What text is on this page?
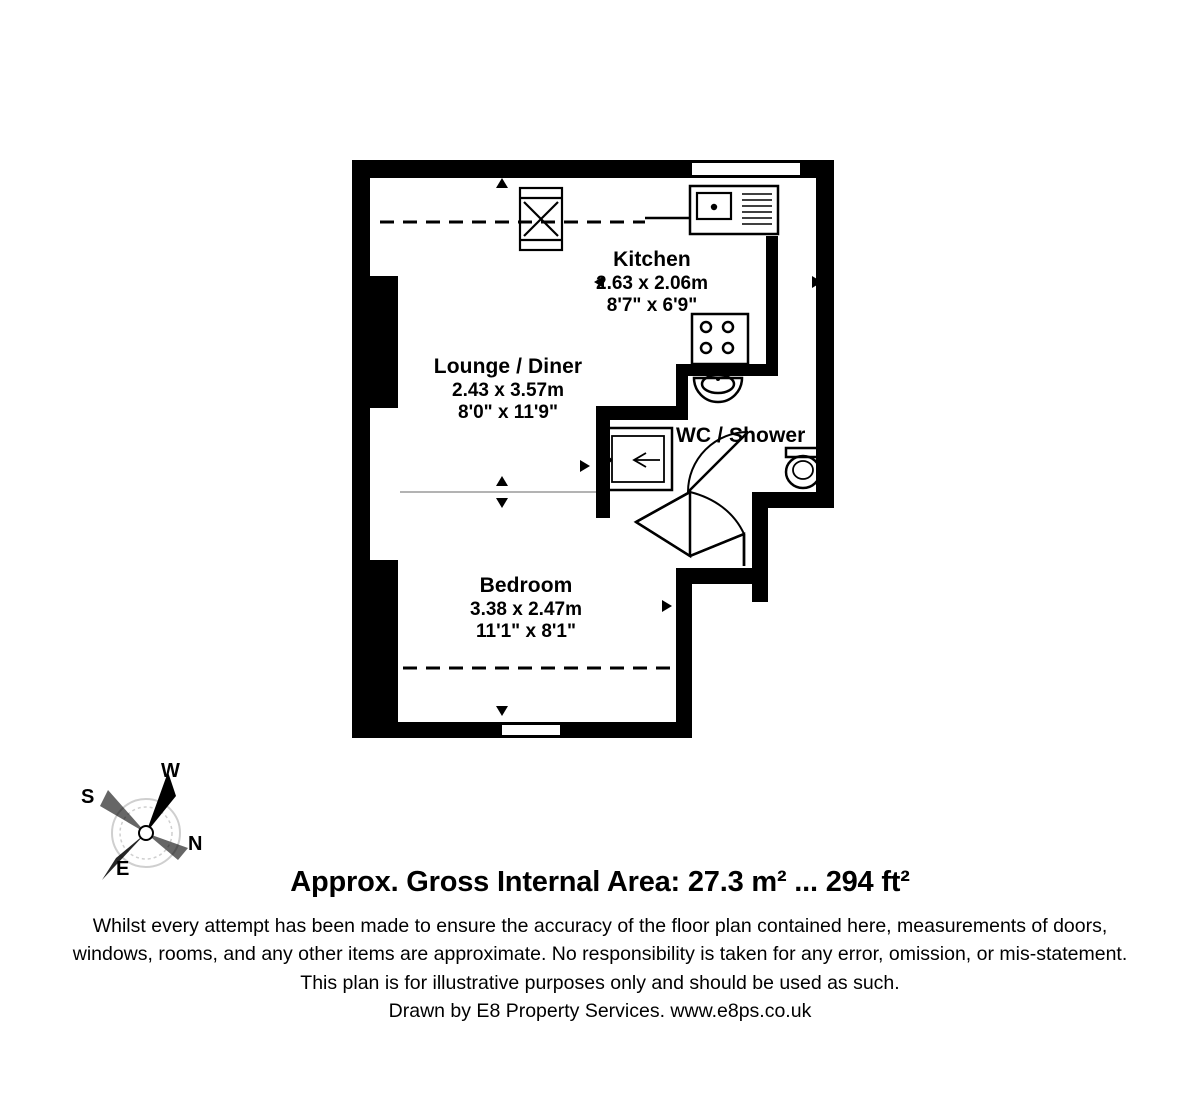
Kitchen
2.63 x 2.06m
8'7" x 6'9"
Lounge / Diner
2.43 x 3.57m
8'0" x 11'9"
WC / Shower
Bedroom
3.38 x 2.47m
11'1" x 8'1"
W
S
N
E	Approx. Gross Internal Area: 27.3 m² ... 294 ft²
Whilst every attempt has been made to ensure the accuracy of the floor plan contained here, measurements of doors,
windows, rooms, and any other items are approximate. No responsibility is taken for any error, omission, or mis-statement.
This plan is for illustrative purposes only and should be used as such.
Drawn by E8 Property Services. www.e8ps.co.uk
